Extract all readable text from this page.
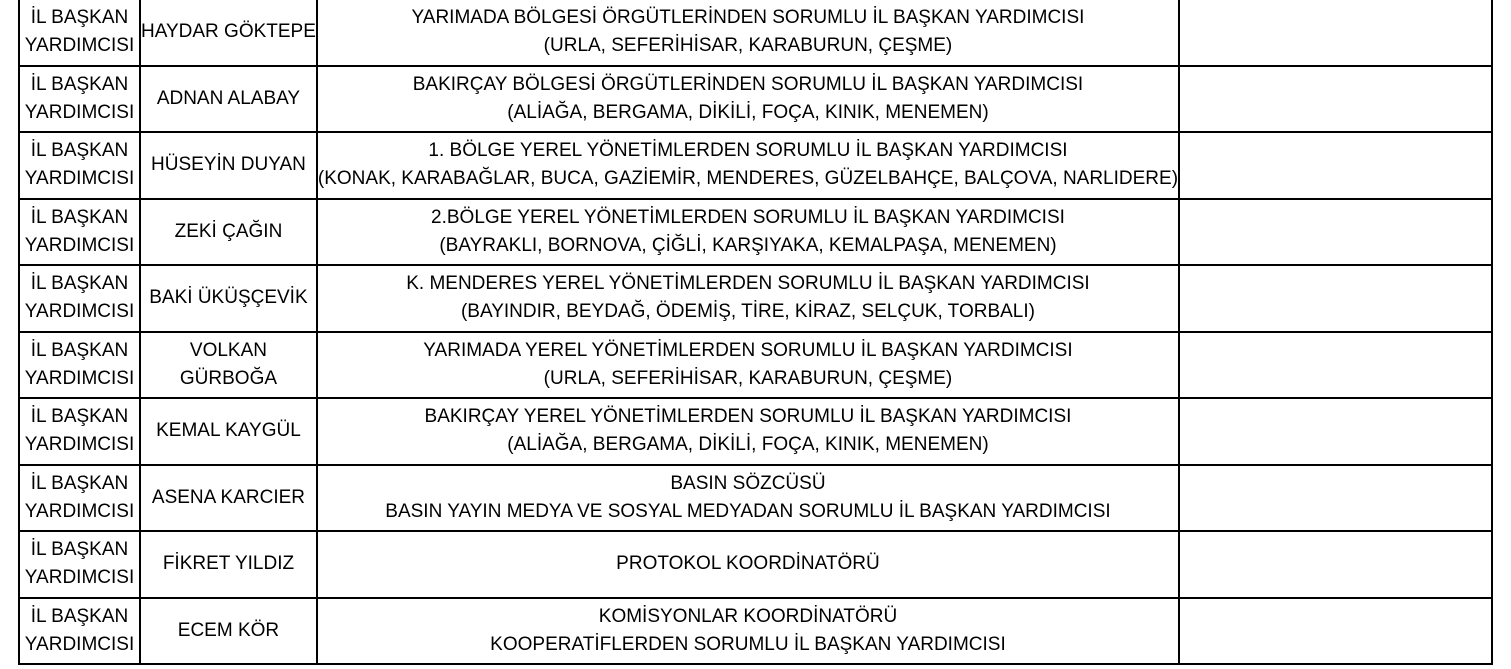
İL BAŞKAN
YARDIMCISI	HAYDAR GÖKTEPE	YARIMADA BÖLGESİ ÖRGÜTLERİNDEN SORUMLU İL BAŞKAN YARDIMCISI
(URLA, SEFERİHİSAR, KARABURUN, ÇEŞME)	

İL BAŞKAN
YARDIMCISI	ADNAN ALABAY	BAKIRÇAY BÖLGESİ ÖRGÜTLERİNDEN SORUMLU İL BAŞKAN YARDIMCISI
(ALİAĞA, BERGAMA, DİKİLİ, FOÇA, KINIK, MENEMEN)	

İL BAŞKAN
YARDIMCISI	HÜSEYİN DUYAN	1. BÖLGE YEREL YÖNETİMLERDEN SORUMLU İL BAŞKAN YARDIMCISI
(KONAK, KARABAĞLAR, BUCA, GAZİEMİR, MENDERES, GÜZELBAHÇE, BALÇOVA, NARLIDERE)	

İL BAŞKAN
YARDIMCISI	ZEKİ ÇAĞIN	2.BÖLGE YEREL YÖNETİMLERDEN SORUMLU İL BAŞKAN YARDIMCISI
(BAYRAKLI, BORNOVA, ÇİĞLİ, KARŞIYAKA, KEMALPAŞA, MENEMEN)	

İL BAŞKAN
YARDIMCISI	BAKİ ÜKÜŞÇEVİK	K. MENDERES YEREL YÖNETİMLERDEN SORUMLU İL BAŞKAN YARDIMCISI
(BAYINDIR, BEYDAĞ, ÖDEMİŞ, TİRE, KİRAZ, SELÇUK, TORBALI)	

İL BAŞKAN
YARDIMCISI	VOLKAN
GÜRBOĞA	YARIMADA YEREL YÖNETİMLERDEN SORUMLU İL BAŞKAN YARDIMCISI
(URLA, SEFERİHİSAR, KARABURUN, ÇEŞME)	

İL BAŞKAN
YARDIMCISI	KEMAL KAYGÜL	BAKIRÇAY YEREL YÖNETİMLERDEN SORUMLU İL BAŞKAN YARDIMCISI
(ALİAĞA, BERGAMA, DİKİLİ, FOÇA, KINIK, MENEMEN)	

İL BAŞKAN
YARDIMCISI	ASENA KARCIER	BASIN SÖZCÜSÜ
BASIN YAYIN MEDYA VE SOSYAL MEDYADAN SORUMLU İL BAŞKAN YARDIMCISI	

İL BAŞKAN
YARDIMCISI	FİKRET YILDIZ	PROTOKOL KOORDİNATÖRÜ	

İL BAŞKAN
YARDIMCISI	ECEM KÖR	KOMİSYONLAR KOORDİNATÖRÜ
KOOPERATİFLERDEN SORUMLU İL BAŞKAN YARDIMCISI	
